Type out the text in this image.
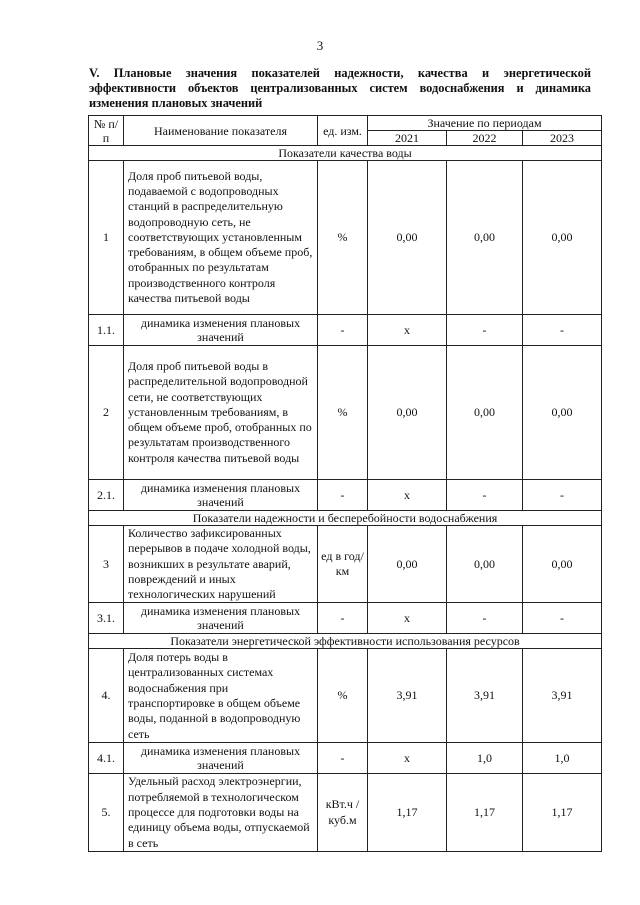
3
V. Плановые значения показателей надежности, качества и энергетической эффективности объектов централизованных систем водоснабжения и динамика изменения плановых значений
№ п/п	Наименование показателя	ед. изм.	Значение по периодам		
			2021	2022	2023
Показатели качества воды					
1	Доля проб питьевой воды, подаваемой с водопроводных станций в распределительную водопроводную сеть, не соответствующих установленным требованиям, в общем объеме проб, отобранных по результатам производственного контроля качества питьевой воды	%	0,00	0,00	0,00
1.1.	динамика изменения плановых значений	-	х	-	-
2	Доля проб питьевой воды в распределительной водопроводной сети, не соответствующих установленным требованиям, в общем объеме проб, отобранных по результатам производственного контроля качества питьевой воды	%	0,00	0,00	0,00
2.1.	динамика изменения плановых значений	-	х	-	-
Показатели надежности и бесперебойности водоснабжения					
3	Количество зафиксированных перерывов в подаче холодной воды, возникших в результате аварий, повреждений и иных технологических нарушений	ед в год/ км	0,00	0,00	0,00
3.1.	динамика изменения плановых значений	-	х	-	-
Показатели энергетической эффективности использования ресурсов					
4.	Доля потерь воды в централизованных системах водоснабжения при транспортировке в общем объеме воды, поданной в водопроводную сеть	%	3,91	3,91	3,91
4.1.	динамика изменения плановых значений	-	х	1,0	1,0
5.	Удельный расход электроэнергии, потребляемой в технологическом процессе для подготовки воды на единицу объема воды, отпускаемой в сеть	кВт.ч / куб.м	1,17	1,17	1,17
